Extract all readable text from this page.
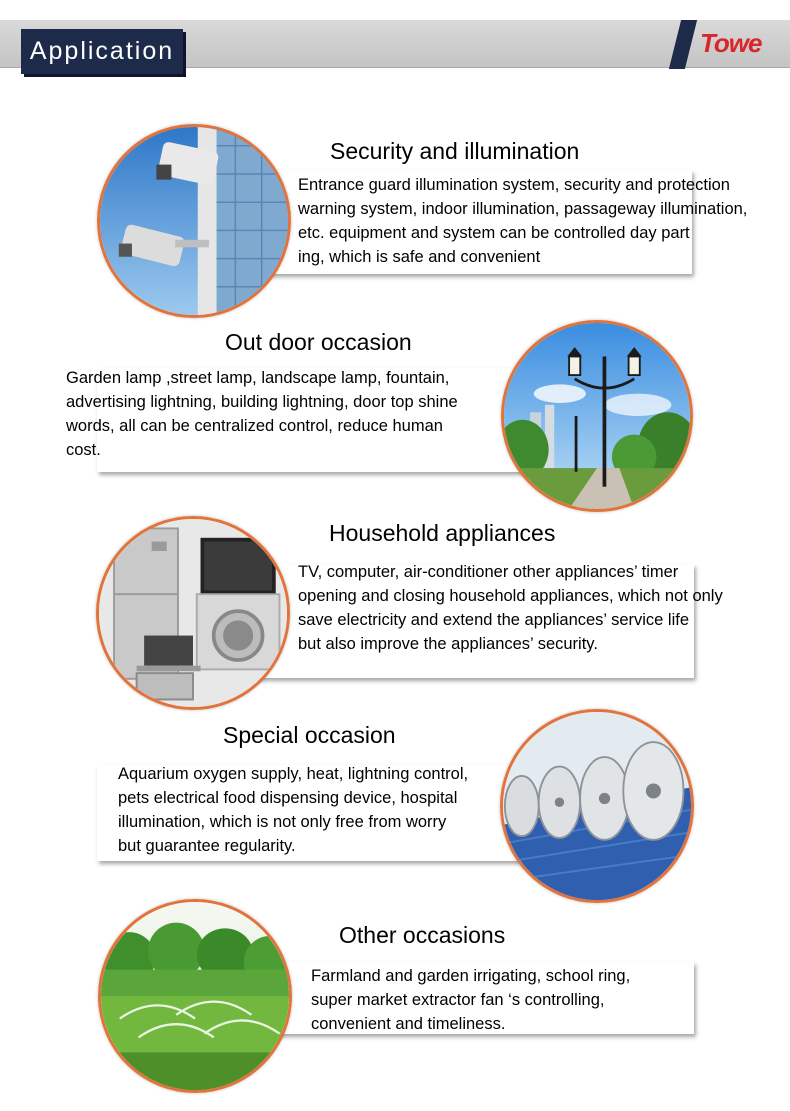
Application	Towe
Security and illumination
Entrance guard illumination system, security and protection
warning system, indoor illumination, passageway illumination,
etc. equipment and system can be controlled day part
ing, which is safe and convenient
Out door occasion
Garden lamp ,street lamp, landscape lamp, fountain,
advertising lightning, building lightning, door top shine
words, all can be centralized control, reduce human
cost.
Household appliances
TV, computer, air-conditioner other appliances’ timer
opening and closing household appliances, which not only
save electricity and extend the appliances’ service life
but also improve the appliances’ security.
Special occasion
Aquarium oxygen supply, heat, lightning control,
pets electrical food dispensing device, hospital
illumination, which is not only free from worry
but guarantee regularity.
Other occasions
Farmland and garden irrigating, school ring,
super market extractor fan ‘s controlling,
convenient and timeliness.
